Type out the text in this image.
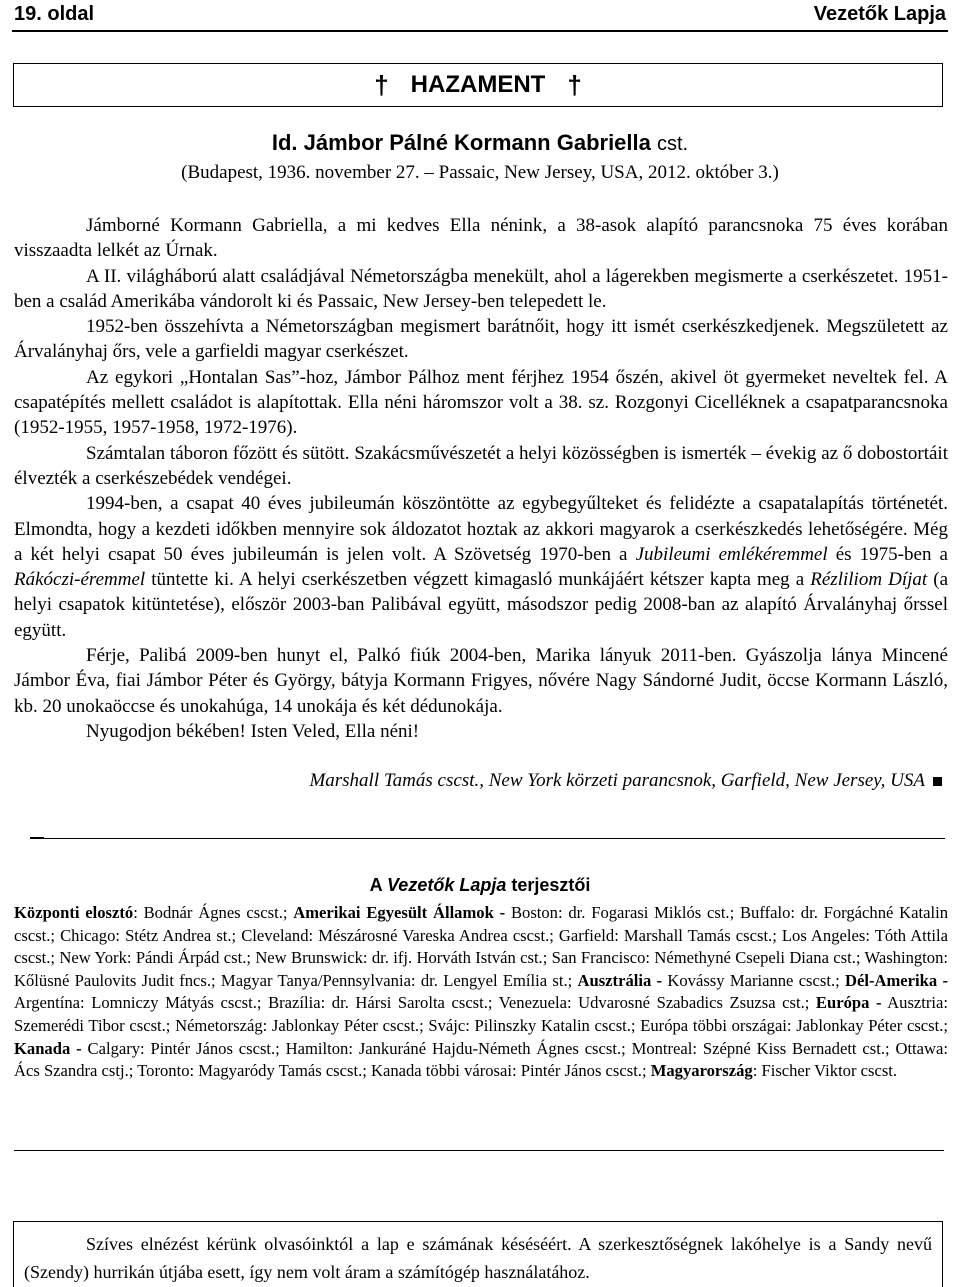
19. oldal	Vezetők Lapja
† HAZAMENT †
Id. Jámbor Pálné Kormann Gabriella cst.
(Budapest, 1936. november 27. – Passaic, New Jersey, USA, 2012. október 3.)

Jámborné Kormann Gabriella, a mi kedves Ella nénink, a 38-asok alapító parancsnoka 75 éves korában visszaadta lelkét az Úrnak.

A II. világháború alatt családjával Németországba menekült, ahol a lágerekben megismerte a cserkészetet. 1951-ben a család Amerikába vándorolt ki és Passaic, New Jersey-ben telepedett le.

1952-ben összehívta a Németországban megismert barátnőit, hogy itt ismét cserkészkedjenek. Megszületett az Árvalányhaj őrs, vele a garfieldi magyar cserkészet.

Az egykori „Hontalan Sas”-hoz, Jámbor Pálhoz ment férjhez 1954 őszén, akivel öt gyermeket neveltek fel. A csapatépítés mellett családot is alapítottak. Ella néni háromszor volt a 38. sz. Rozgonyi Cicelléknek a csapatparancsnoka (1952-1955, 1957-1958, 1972-1976).

Számtalan táboron főzött és sütött. Szakácsművészetét a helyi közösségben is ismerték – évekig az ő dobostortáit élvezték a cserkészebédek vendégei.

1994-ben, a csapat 40 éves jubileumán köszöntötte az egybegyűlteket és felidézte a csapatalapítás történetét. Elmondta, hogy a kezdeti időkben mennyire sok áldozatot hoztak az akkori magyarok a cserkészkedés lehetőségére. Még a két helyi csapat 50 éves jubileumán is jelen volt. A Szövetség 1970-ben a Jubileumi emlékéremmel és 1975-ben a Rákóczi-éremmel tüntette ki. A helyi cserkészetben végzett kimagasló munkájáért kétszer kapta meg a Rézliliom Díjat (a helyi csapatok kitüntetése), először 2003-ban Palibával együtt, másodszor pedig 2008-ban az alapító Árvalányhaj őrssel együtt.

Férje, Palibá 2009-ben hunyt el, Palkó fiúk 2004-ben, Marika lányuk 2011-ben. Gyászolja lánya Mincené Jámbor Éva, fiai Jámbor Péter és György, bátyja Kormann Frigyes, nővére Nagy Sándorné Judit, öccse Kormann László, kb. 20 unokaöccse és unokahúga, 14 unokája és két dédunokája.

Nyugodjon békében! Isten Veled, Ella néni!

Marshall Tamás cscst., New York körzeti parancsnok, Garfield, New Jersey, USA
A Vezetők Lapja terjesztői

Központi elosztó: Bodnár Ágnes cscst.; Amerikai Egyesült Államok - Boston: dr. Fogarasi Miklós cst.; Buffalo: dr. Forgáchné Katalin cscst.; Chicago: Stétz Andrea st.; Cleveland: Mészárosné Vareska Andrea cscst.; Garfield: Marshall Tamás cscst.; Los Angeles: Tóth Attila cscst.; New York: Pándi Árpád cst.; New Brunswick: dr. ifj. Horváth István cst.; San Francisco: Némethyné Csepeli Diana cst.; Washington: Kőlüsné Paulovits Judit fncs.; Magyar Tanya/Pennsylvania: dr. Lengyel Emília st.; Ausztrália - Kovássy Marianne cscst.; Dél-Amerika - Argentína: Lomniczy Mátyás cscst.; Brazília: dr. Hársi Sarolta cscst.; Venezuela: Udvarosné Szabadics Zsuzsa cst.; Európa - Ausztria: Szemerédi Tibor cscst.; Németország: Jablonkay Péter cscst.; Svájc: Pilinszky Katalin cscst.; Európa többi országai: Jablonkay Péter cscst.; Kanada - Calgary: Pintér János cscst.; Hamilton: Jankuráné Hajdu-Németh Ágnes cscst.; Montreal: Szépné Kiss Bernadett cst.; Ottawa: Ács Szandra cstj.; Toronto: Magyaródy Tamás cscst.; Kanada többi városai: Pintér János cscst.; Magyarország: Fischer Viktor cscst.

Szíves elnézést kérünk olvasóinktól a lap e számának késéséért. A szerkesztőségnek lakóhelye is a Sandy nevű (Szendy) hurrikán útjába esett, így nem volt áram a számítógép használatához.
